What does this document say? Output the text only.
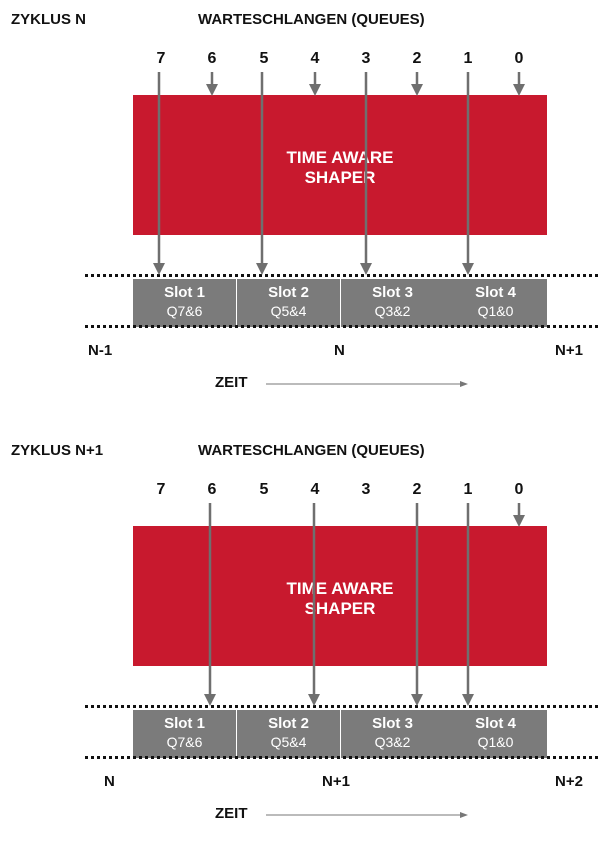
ZYKLUS N	WARTESCHLANGEN (QUEUES)
7	6	5	4	3	2	1	0
TIME AWARE
SHAPER
Slot 1
Q7&6
Slot 2
Q5&4
Slot 3
Q3&2
Slot 4
Q1&0
N-1	N	N+1
ZEIT
ZYKLUS N+1	WARTESCHLANGEN (QUEUES)
7	6	5	4	3	2	1	0
TIME AWARE
SHAPER
Slot 1
Q7&6
Slot 2
Q5&4
Slot 3
Q3&2
Slot 4
Q1&0
N	N+1	N+2
ZEIT
